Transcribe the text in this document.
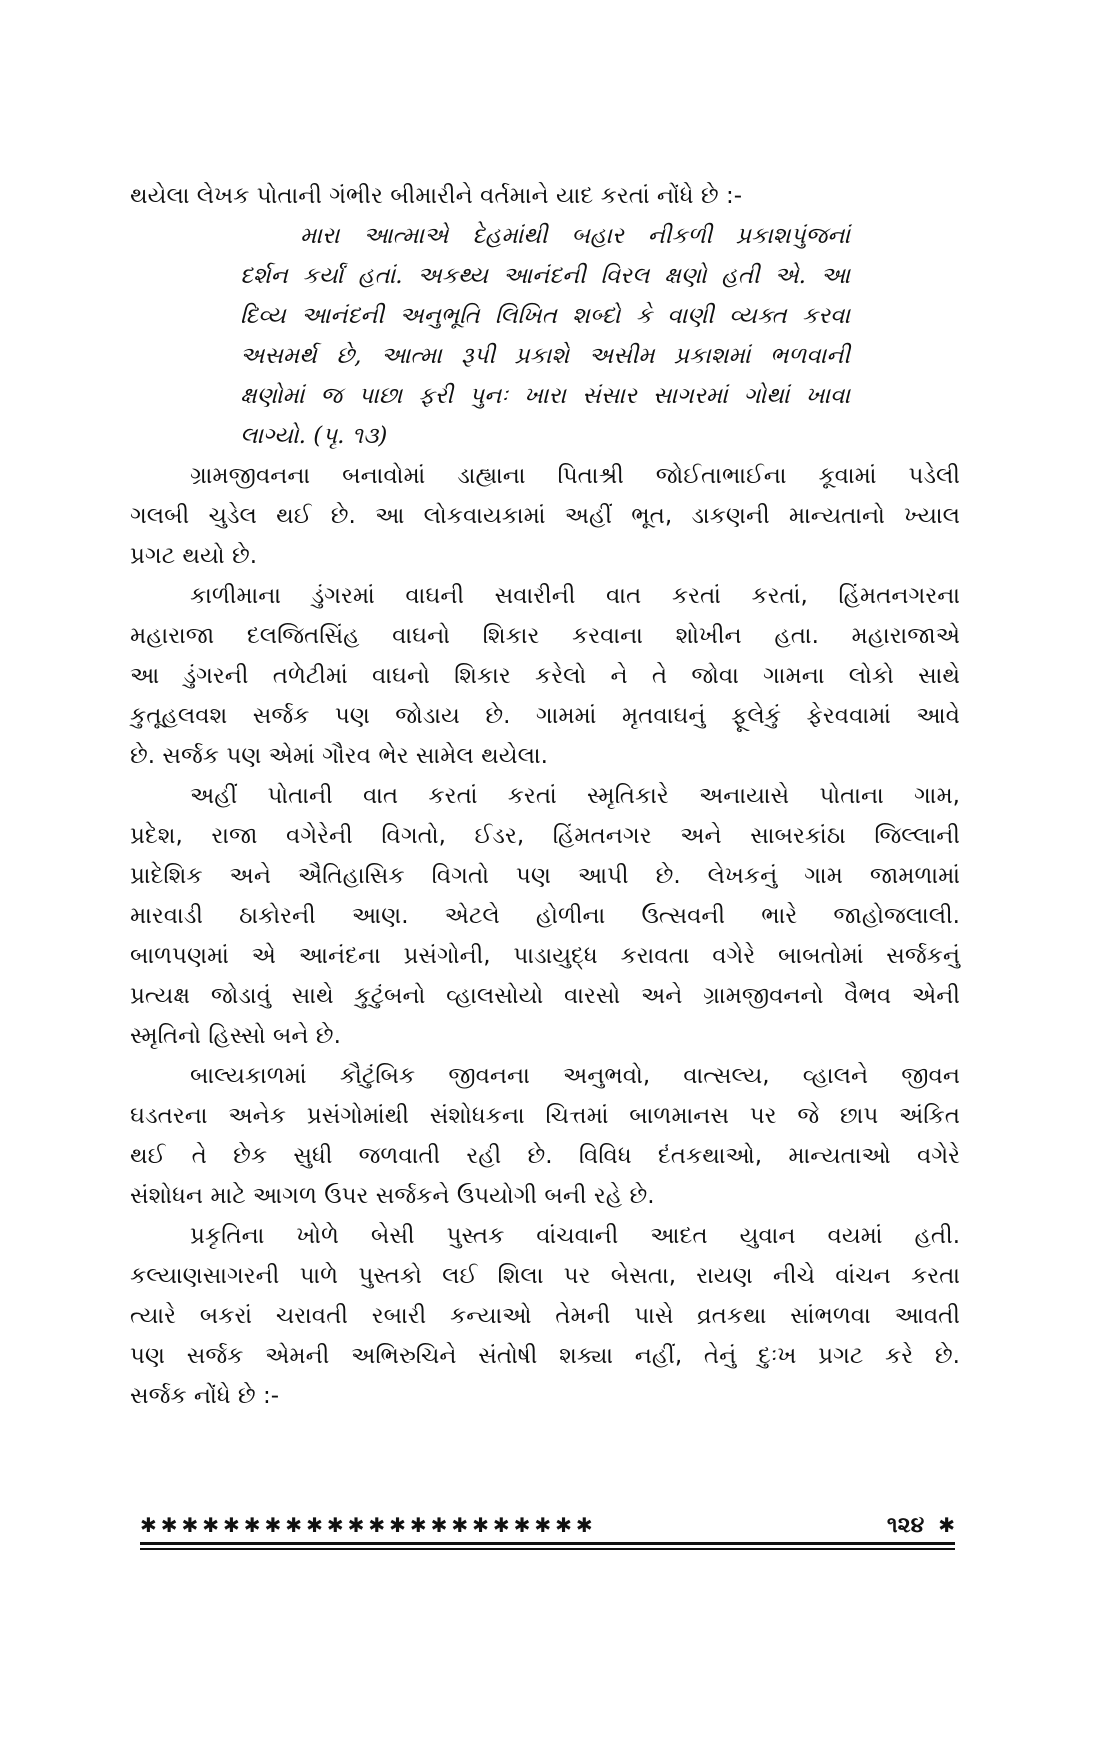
થયેલા લેખક પોતાની ગંભીર બીમારીને વર્તમાને યાદ કરતાં નોંધે છે :-
મારા આત્માએ દેહમાંથી બહાર નીકળી પ્રકાશપુંજનાં
દર્શન કર્યાં હતાં. અકથ્ય આનંદની વિરલ ક્ષણો હતી એ. આ
દિવ્ય આનંદની અનુભૂતિ લિખિત શબ્દો કે વાણી વ્યક્ત કરવા
અસમર્થ છે, આત્મા રૂપી પ્રકાશે અસીમ પ્રકાશમાં ભળવાની
ક્ષણોમાં જ પાછા ફરી પુનઃ ખારા સંસાર સાગરમાં ગોથાં ખાવા
લાગ્યો. (પૃ. ૧૩)
ગ્રામજીવનના બનાવોમાં ડાહ્યાના પિતાશ્રી જોઈતાભાઈના કૂવામાં પડેલી
ગલબી ચુડેલ થઈ છે. આ લોકવાયકામાં અહીં ભૂત, ડાકણની માન્યતાનો ખ્યાલ
પ્રગટ થયો છે.
કાળીમાના ડુંગરમાં વાઘની સવારીની વાત કરતાં કરતાં, હિંમતનગરના
મહારાજા દલજિતસિંહ વાઘનો શિકાર કરવાના શોખીન હતા. મહારાજાએ
આ ડુંગરની તળેટીમાં વાઘનો શિકાર કરેલો ને તે જોવા ગામના લોકો સાથે
કુતૂહલવશ સર્જક પણ જોડાય છે. ગામમાં મૃતવાઘનું ફૂલેકું ફેરવવામાં આવે
છે. સર્જક પણ એમાં ગૌરવ ભેર સામેલ થયેલા.
અહીં પોતાની વાત કરતાં કરતાં સ્મૃતિકારે અનાયાસે પોતાના ગામ,
પ્રદેશ, રાજા વગેરેની વિગતો, ઈડર, હિંમતનગર અને સાબરકાંઠા જિલ્લાની
પ્રાદેશિક અને ઐતિહાસિક વિગતો પણ આપી છે. લેખકનું ગામ જામળામાં
મારવાડી ઠાકોરની આણ. એટલે હોળીના ઉત્સવની ભારે જાહોજલાલી.
બાળપણમાં એ આનંદના પ્રસંગોની, પાડાયુદ્ધ કરાવતા વગેરે બાબતોમાં સર્જકનું
પ્રત્યક્ષ જોડાવું સાથે કુટુંબનો વ્હાલસોયો વારસો અને ગ્રામજીવનનો વૈભવ એની
સ્મૃતિનો હિસ્સો બને છે.
બાલ્યકાળમાં કૌટુંબિક જીવનના અનુભવો, વાત્સલ્ય, વ્હાલને જીવન
ઘડતરના અનેક પ્રસંગોમાંથી સંશોધકના ચિત્તમાં બાળમાનસ પર જે છાપ અંકિત
થઈ તે છેક સુધી જળવાતી રહી છે. વિવિધ દંતકથાઓ, માન્યતાઓ વગેરે
સંશોધન માટે આગળ ઉપર સર્જકને ઉપયોગી બની રહે છે.
પ્રકૃતિના ખોળે બેસી પુસ્તક વાંચવાની આદત યુવાન વયમાં હતી.
કલ્યાણસાગરની પાળે પુસ્તકો લઈ શિલા પર બેસતા, રાયણ નીચે વાંચન કરતા
ત્યારે બકરાં ચરાવતી રબારી કન્યાઓ તેમની પાસે વ્રતકથા સાંભળવા આવતી
પણ સર્જક એમની અભિરુચિને સંતોષી શક્યા નહીં, તેનું દુઃખ પ્રગટ કરે છે.
સર્જક નોંધે છે :-
✱✱✱✱✱✱✱✱✱✱✱✱✱✱✱✱✱✱✱✱✱✱	૧૨૪ ✱
